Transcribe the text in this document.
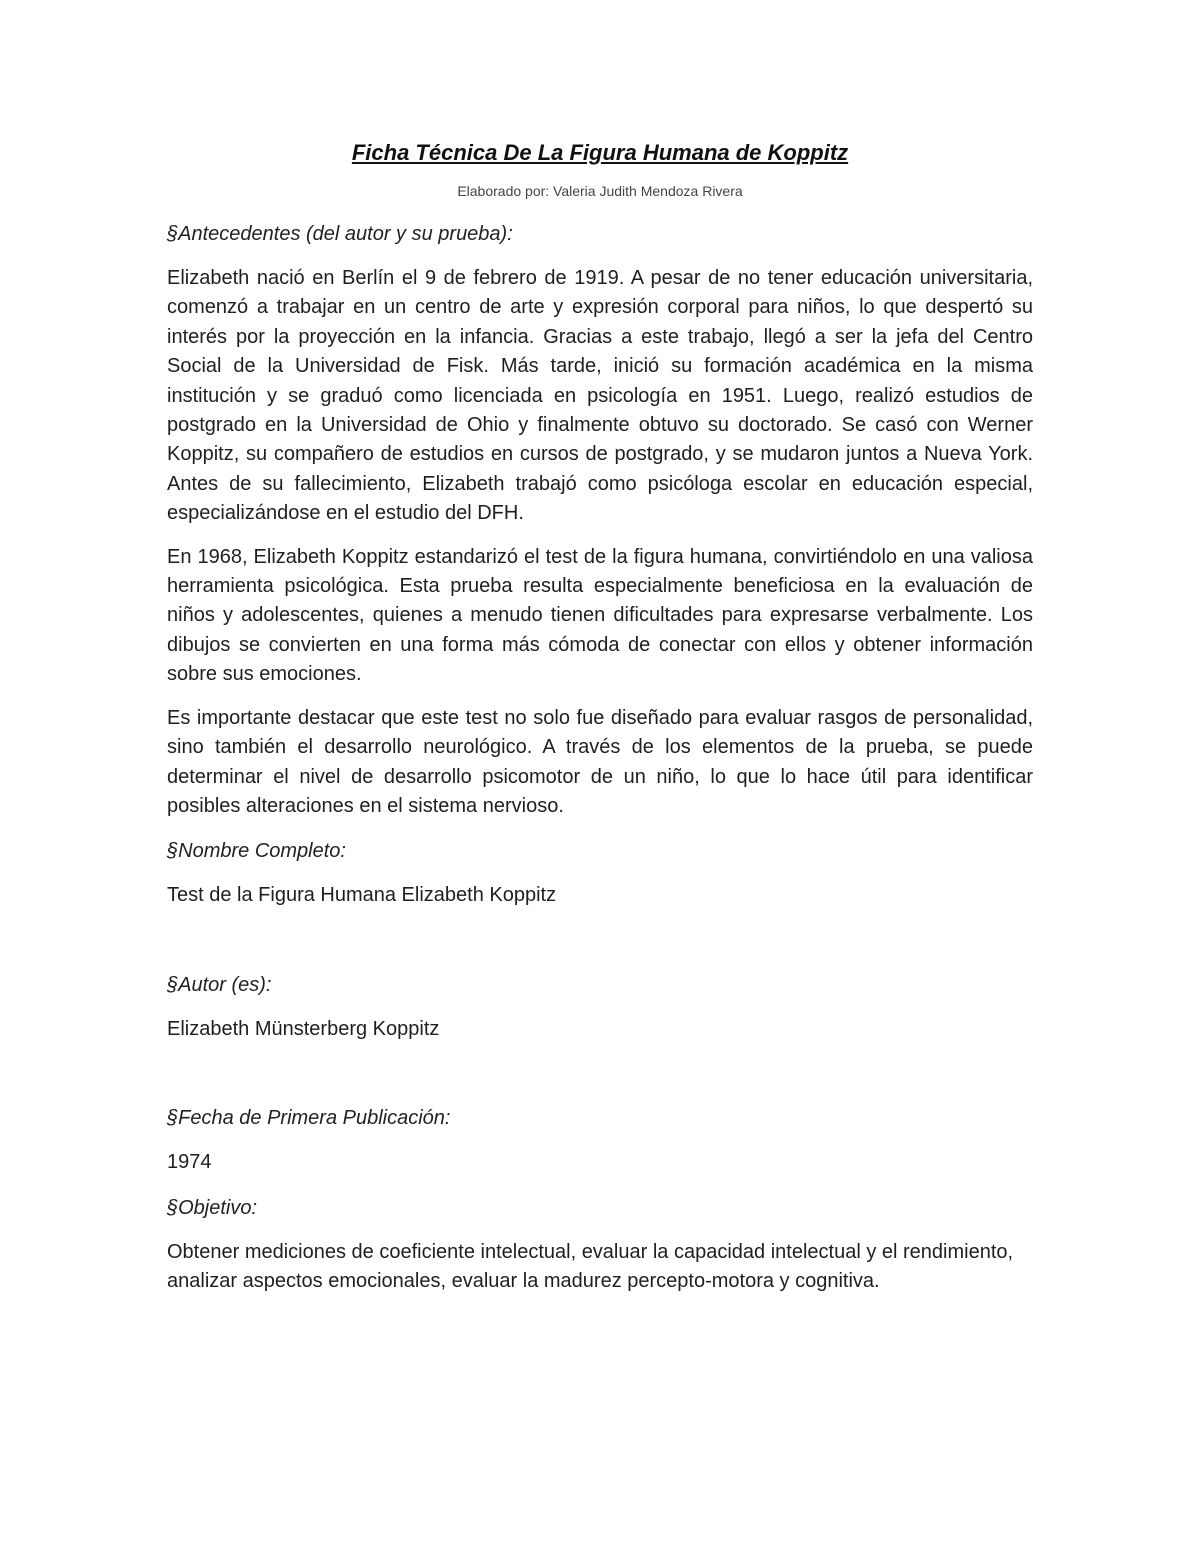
Ficha Técnica De La Figura Humana de Koppitz

Elaborado por: Valeria Judith Mendoza Rivera

§Antecedentes (del autor y su prueba):

Elizabeth nació en Berlín el 9 de febrero de 1919. A pesar de no tener educación universitaria, comenzó a trabajar en un centro de arte y expresión corporal para niños, lo que despertó su interés por la proyección en la infancia. Gracias a este trabajo, llegó a ser la jefa del Centro Social de la Universidad de Fisk. Más tarde, inició su formación académica en la misma institución y se graduó como licenciada en psicología en 1951. Luego, realizó estudios de postgrado en la Universidad de Ohio y finalmente obtuvo su doctorado. Se casó con Werner Koppitz, su compañero de estudios en cursos de postgrado, y se mudaron juntos a Nueva York. Antes de su fallecimiento, Elizabeth trabajó como psicóloga escolar en educación especial, especializándose en el estudio del DFH.

En 1968, Elizabeth Koppitz estandarizó el test de la figura humana, convirtiéndolo en una valiosa herramienta psicológica. Esta prueba resulta especialmente beneficiosa en la evaluación de niños y adolescentes, quienes a menudo tienen dificultades para expresarse verbalmente. Los dibujos se convierten en una forma más cómoda de conectar con ellos y obtener información sobre sus emociones.

Es importante destacar que este test no solo fue diseñado para evaluar rasgos de personalidad, sino también el desarrollo neurológico. A través de los elementos de la prueba, se puede determinar el nivel de desarrollo psicomotor de un niño, lo que lo hace útil para identificar posibles alteraciones en el sistema nervioso.

§Nombre Completo:

Test de la Figura Humana Elizabeth Koppitz

§Autor (es):

Elizabeth Münsterberg Koppitz

§Fecha de Primera Publicación:

1974

§Objetivo:

Obtener mediciones de coeficiente intelectual, evaluar la capacidad intelectual y el rendimiento, analizar aspectos emocionales, evaluar la madurez percepto-motora y cognitiva.
